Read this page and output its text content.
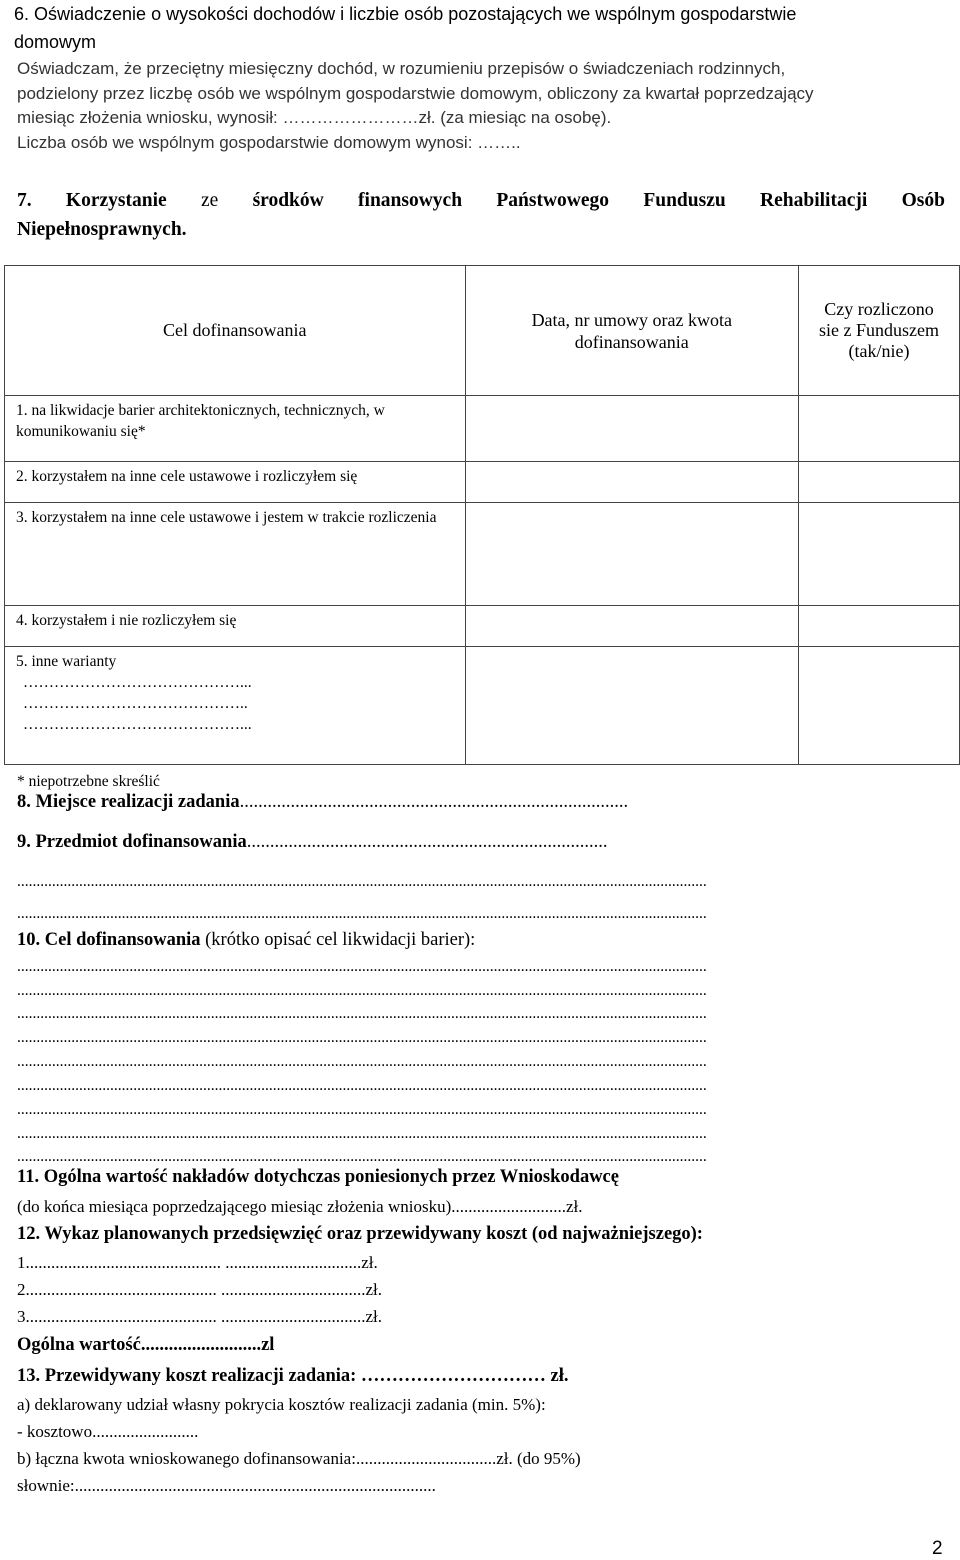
6. Oświadczenie o wysokości dochodów i liczbie osób pozostających we wspólnym gospodarstwie
domowym
Oświadczam, że przeciętny miesięczny dochód, w rozumieniu przepisów o świadczeniach rodzinnych,
podzielony przez liczbę osób we wspólnym gospodarstwie domowym, obliczony za kwartał poprzedzający
miesiąc złożenia wniosku, wynosił: ……………………zł. (za miesiąc na osobę).
Liczba osób we wspólnym gospodarstwie domowym wynosi: ……..
7. Korzystanie ze środków finansowych Państwowego Funduszu Rehabilitacji Osób
Niepełnosprawnych.
Cel dofinansowania	Data, nr umowy oraz kwota dofinansowania	Czy rozliczono sie z Funduszem (tak/nie)

1. na likwidacje barier architektonicznych, technicznych, w komunikowaniu się*		

2. korzystałem na inne cele ustawowe i rozliczyłem się		

3. korzystałem na inne cele ustawowe i jestem w trakcie rozliczenia		

4. korzystałem i nie rozliczyłem się		

5. inne warianty
……………………………………...
……………………………………..
……………………………………...		

* niepotrzebne skreślić
8. Miejsce realizacji zadania....................................................................................
9. Przedmiot dofinansowania..............................................................................
..................................................................................................................................................................................
..................................................................................................................................................................................
10. Cel dofinansowania (krótko opisać cel likwidacji barier):
..................................................................................................................................................................................
..................................................................................................................................................................................
..................................................................................................................................................................................
..................................................................................................................................................................................
..................................................................................................................................................................................
..................................................................................................................................................................................
..................................................................................................................................................................................
..................................................................................................................................................................................
..................................................................................................................................................................................
11. Ogólna wartość nakładów dotychczas poniesionych przez Wnioskodawcę
(do końca miesiąca poprzedzającego miesiąc złożenia wniosku)...........................zł.
12. Wykaz planowanych przedsięwzięć oraz przewidywany koszt (od najważniejszego):
1.............................................. ................................zł.
2............................................. ..................................zł.
3............................................. ..................................zł.
Ogólna wartość..........................zl
13. Przewidywany koszt realizacji zadania: ………………………… zł.
a) deklarowany udział własny pokrycia kosztów realizacji zadania (min. 5%):
- kosztowo.........................
b) łączna kwota wnioskowanego dofinansowania:.................................zł. (do 95%)
słownie:.....................................................................................
2
